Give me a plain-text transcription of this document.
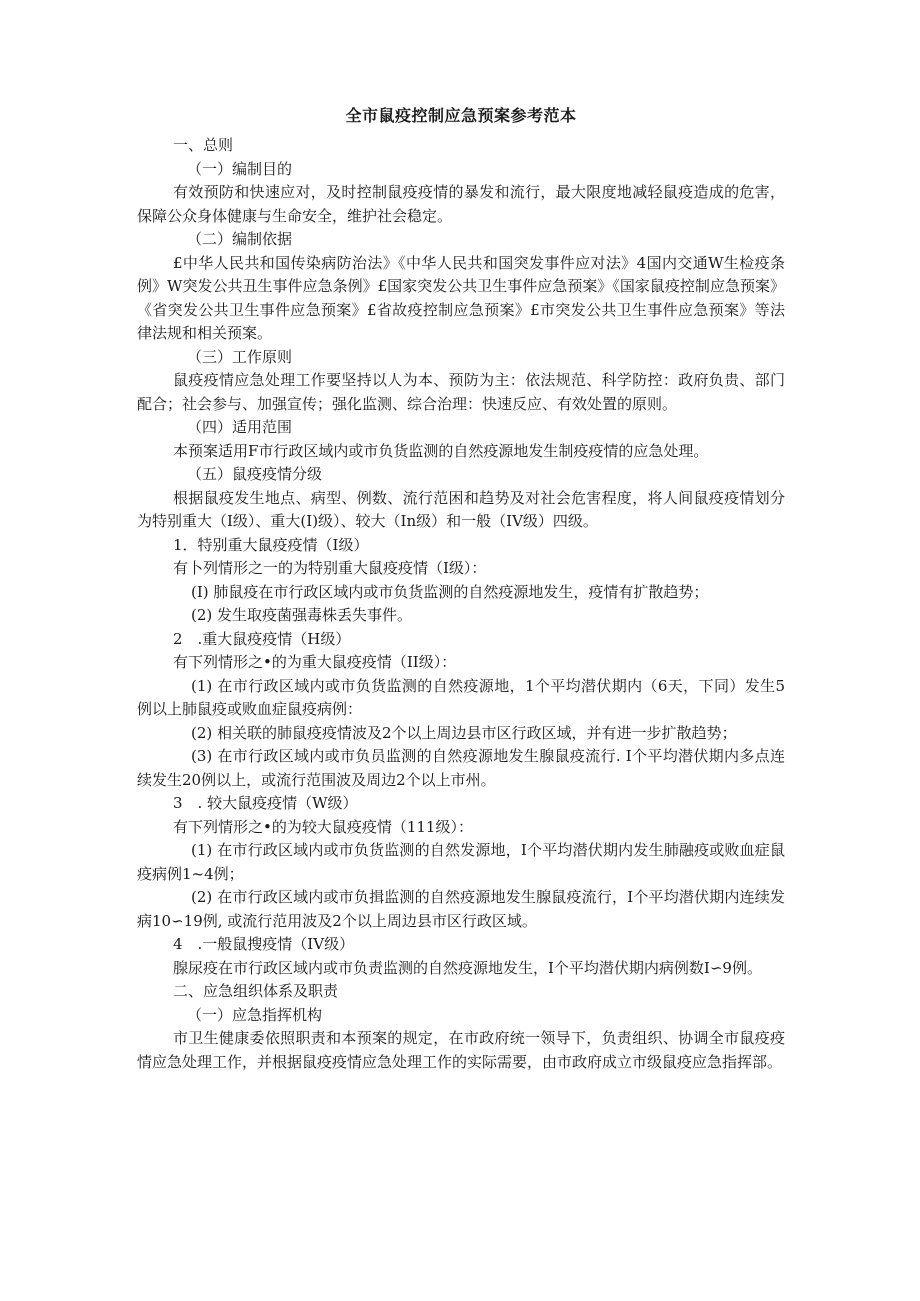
全市鼠疫控制应急预案参考范本

一、总则

（一）编制目的

有效预防和快速应对，及时控制鼠疫疫情的暴发和流行，最大限度地减轻鼠疫造成的危害，保障公众身体健康与生命安全，维护社会稳定。

（二）编制依据

£中华人民共和国传染病防治法》《中华人民共和国突发事件应对法》4国内交通W生检疫条例》W突发公共丑生事件应急条例》£国家突发公共卫生事件应急预案》《国家鼠疫控制应急预案》《省突发公共卫生事件应急预案》£省故疫控制应急预案》£市突发公共卫生事件应急预案》等法律法规和相关预案。

（三）工作原则

鼠疫疫情应急处理工作要坚持以人为本、预防为主：依法规范、科学防控：政府负贵、部门配合；社会参与、加强宣传；强化监测、综合治理：快速反应、有效处置的原则。

（四）适用范围

本预案适用F市行政区域内或市负货监测的自然疫源地发生制疫疫情的应急处理。

（五）鼠疫疫情分级

根据鼠疫发生地点、病型、例数、流行范困和趋势及对社会危害程度，将人间鼠疫疫情划分为特别重大（I级）、重大(I)级）、较大（In级）和一般（IV级）四级。

1．特别重大鼠疫疫情（I级）

有卜列情形之一的为特别重大鼠疫疫情（I级）：

(I) 肺鼠疫在市行政区域内或市负货监测的自然疫源地发生，疫情有扩散趋势；

(2) 发生取疫菌强毒株丢失事件。

2　.重大鼠疫疫情（H级）

有下列情形之•的为重大鼠疫疫情（II级）：

(1) 在市行政区域内或市负货监测的自然疫源地，1个平均潜伏期内（6天，下同）发生5例以上肺鼠疫或败血症鼠疫病例：

(2) 相关联的肺鼠疫疫情波及2个以上周边县市区行政区域，并有进一步扩散趋势；

(3) 在市行政区域内或市负员监测的自然疫源地发生腺鼠疫流行. I个平均潜伏期内多点连续发生20例以上，或流行范围波及周边2个以上市州。

3　. 较大鼠疫疫情（W级）

有下列情形之•的为较大鼠疫疫情（111级）：

(1) 在市行政区域内或市负货监测的自然发源地，I个平均潜伏期内发生肺融疫或败血症鼠疫病例1~4例；

(2) 在市行政区域内或市负揖监测的自然疫源地发生腺鼠疫流行，I个平均潜伏期内连续发病10∽19例, 或流行范用波及2个以上周边县市区行政区域。

4　.一般鼠搜疫情（IV级）

腺尿疫在市行政区域内或市负责监测的自然疫源地发生，I个平均潜伏期内病例数I∽9例。

二、应急组织体系及职责

（一）应急指挥机构

市卫生健康委依照职责和本预案的规定，在市政府统一领导下，负责组织、协调全市鼠疫疫情应急处理工作，并根据鼠疫疫情应急处理工作的实际需要，由市政府成立市级鼠疫应急指挥部。
